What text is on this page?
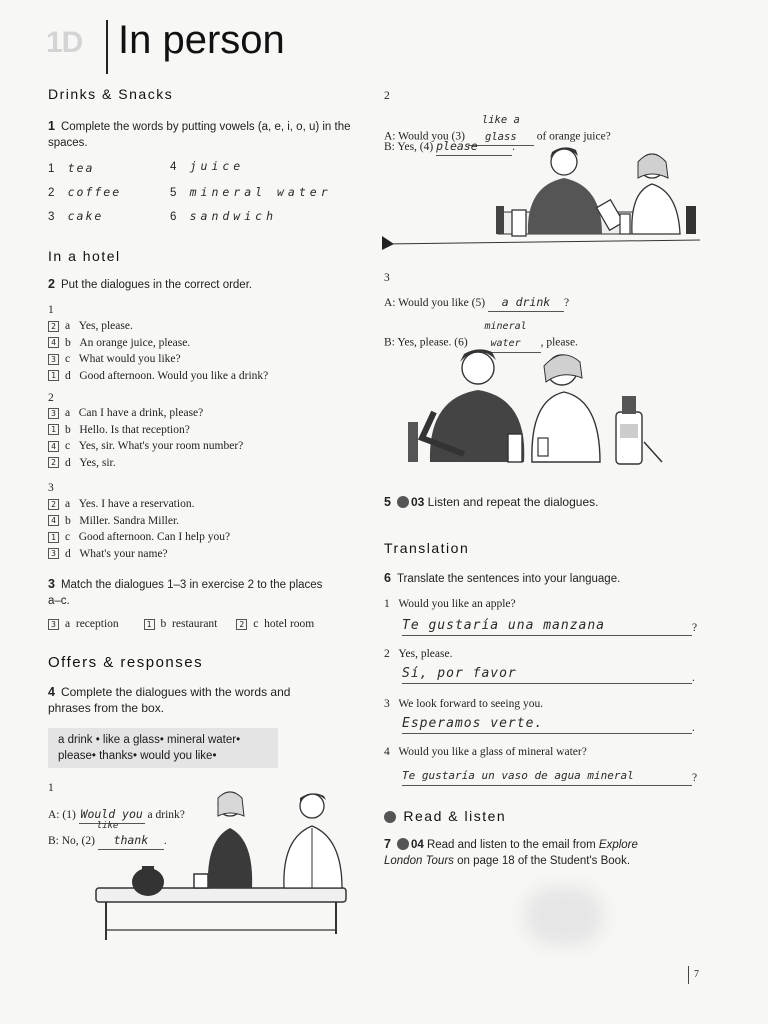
1D In person
Drinks & Snacks
1 Complete the words by putting vowels (a, e, i, o, u) in the spaces.
1 tea
2 coffee
3 cake
4 juice
5 mineral water
6 sandwich
In a hotel
2 Put the dialogues in the correct order.
1
2 a Yes, please.
4 b An orange juice, please.
3 c What would you like?
1 d Good afternoon. Would you like a drink?
2
3 a Can I have a drink, please?
1 b Hello. Is that reception?
4 c Yes, sir. What's your room number?
2 d Yes, sir.
3
2 a Yes. I have a reservation.
4 b Miller. Sandra Miller.
1 c Good afternoon. Can I help you?
3 d What's your name?
3 Match the dialogues 1–3 in exercise 2 to the places a–c.
3 a reception	1 b restaurant	2 c hotel room
Offers & responses
4 Complete the dialogues with the words and phrases from the box.
a drink • like a glass• mineral water•
please• thanks• would you like•
1
A: (1) Would you
like
a drink?
B: No, (2) thank .
2
A: Would you (3) like a glass of orange juice?
B: Yes, (4) please	.
3
A: Would you like (5) a drink ?
B: Yes, please. (6) mineral water , please.
5 03 Listen and repeat the dialogues.
Translation
6 Translate the sentences into your language.
1 Would you like an apple?
Te gustaría una manzana	?
2 Yes, please.
Sí, por favor	.
3 We look forward to seeing you.
Esperamos verte.	.
4 Would you like a glass of mineral water?
Te gustaría un vaso de agua mineral	?
Read & listen
7 04 Read and listen to the email from Explore
London Tours on page 18 of the Student's Book.
7
